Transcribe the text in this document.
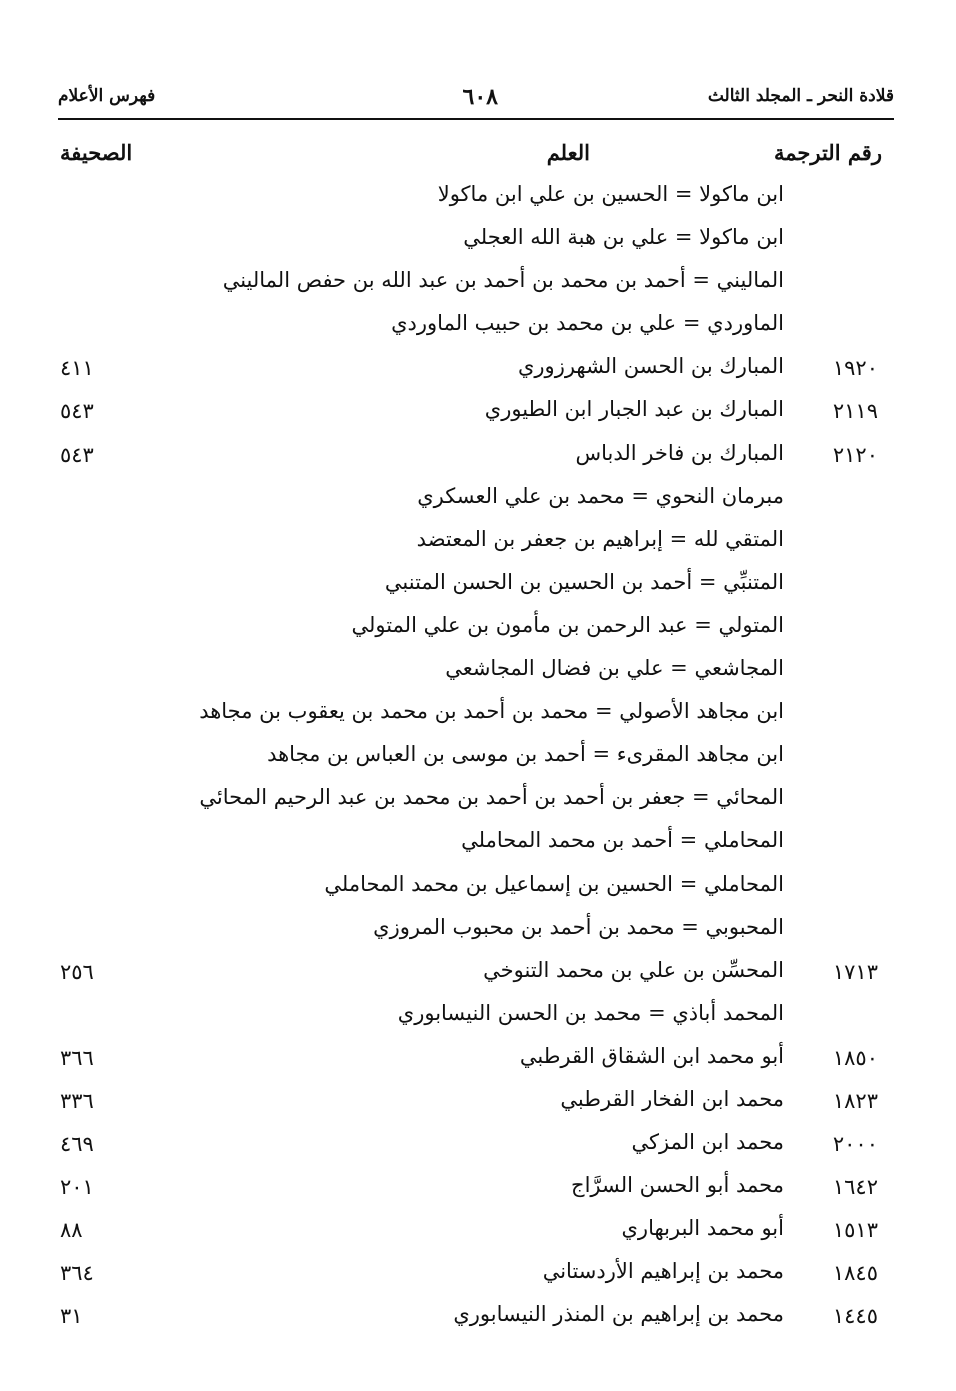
قلادة النحر ـ المجلد الثالث
٦٠٨
فهرس الأعلام
رقم الترجمة
العلم
الصحيفة
ابن ماكولا = الحسين بن علي ابن ماكولا
ابن ماكولا = علي بن هبة الله العجلي
الماليني = أحمد بن محمد بن أحمد بن عبد الله بن حفص الماليني
الماوردي = علي بن محمد بن حبيب الماوردي
١٩٢٠
المبارك بن الحسن الشهرزوري
٤١١
٢١١٩
المبارك بن عبد الجبار ابن الطيوري
٥٤٣
٢١٢٠
المبارك بن فاخر الدباس
٥٤٣
مبرمان النحوي = محمد بن علي العسكري
المتقي لله = إبراهيم بن جعفر بن المعتضد
المتنبِّي = أحمد بن الحسين بن الحسن المتنبي
المتولي = عبد الرحمن بن مأمون بن علي المتولي
المجاشعي = علي بن فضال المجاشعي
ابن مجاهد الأصولي = محمد بن أحمد بن محمد بن يعقوب بن مجاهد
ابن مجاهد المقرىء = أحمد بن موسى بن العباس بن مجاهد
المحائي = جعفر بن أحمد بن أحمد بن محمد بن عبد الرحيم المحائي
المحاملي = أحمد بن محمد المحاملي
المحاملي = الحسين بن إسماعيل بن محمد المحاملي
المحبوبي = محمد بن أحمد بن محبوب المروزي
١٧١٣
المحسِّن بن علي بن محمد التنوخي
٢٥٦
المحمد أباذي = محمد بن الحسن النيسابوري
١٨٥٠
أبو محمد ابن الشقاق القرطبي
٣٦٦
١٨٢٣
محمد ابن الفخار القرطبي
٣٣٦
٢٠٠٠
محمد ابن المزكي
٤٦٩
١٦٤٢
محمد أبو الحسن السرَّاج
٢٠١
١٥١٣
أبو محمد البربهاري
٨٨
١٨٤٥
محمد بن إبراهيم الأردستاني
٣٦٤
١٤٤٥
محمد بن إبراهيم بن المنذر النيسابوري
٣١
